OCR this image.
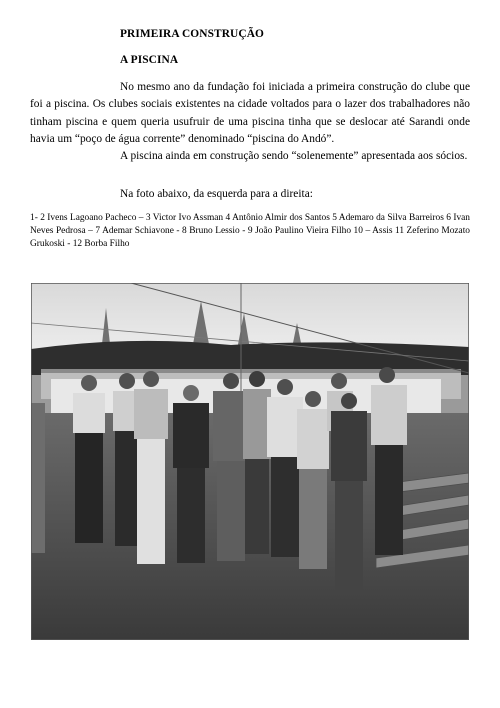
PRIMEIRA CONSTRUÇÃO
A PISCINA

No mesmo ano da fundação foi iniciada a primeira construção do clube que foi a piscina. Os clubes sociais existentes na cidade voltados para o lazer dos trabalhadores não tinham piscina e quem queria usufruir de uma piscina tinha que se deslocar até Sarandi onde havia um “poço de água corrente” denominado “piscina do Andó”.

A piscina ainda em construção sendo “solenemente” apresentada aos sócios.

Na foto abaixo, da esquerda para a direita:

1- 2 Ivens Lagoano Pacheco – 3 Victor Ivo Assman 4 Antônio Almir dos Santos 5 Ademaro da Silva Barreiros 6 Ivan Neves Pedrosa – 7 Ademar Schiavone - 8 Bruno Lessio - 9 João Paulino Vieira Filho 10 – Assis 11 Zeferino Mozato Grukoski - 12 Borba Filho
